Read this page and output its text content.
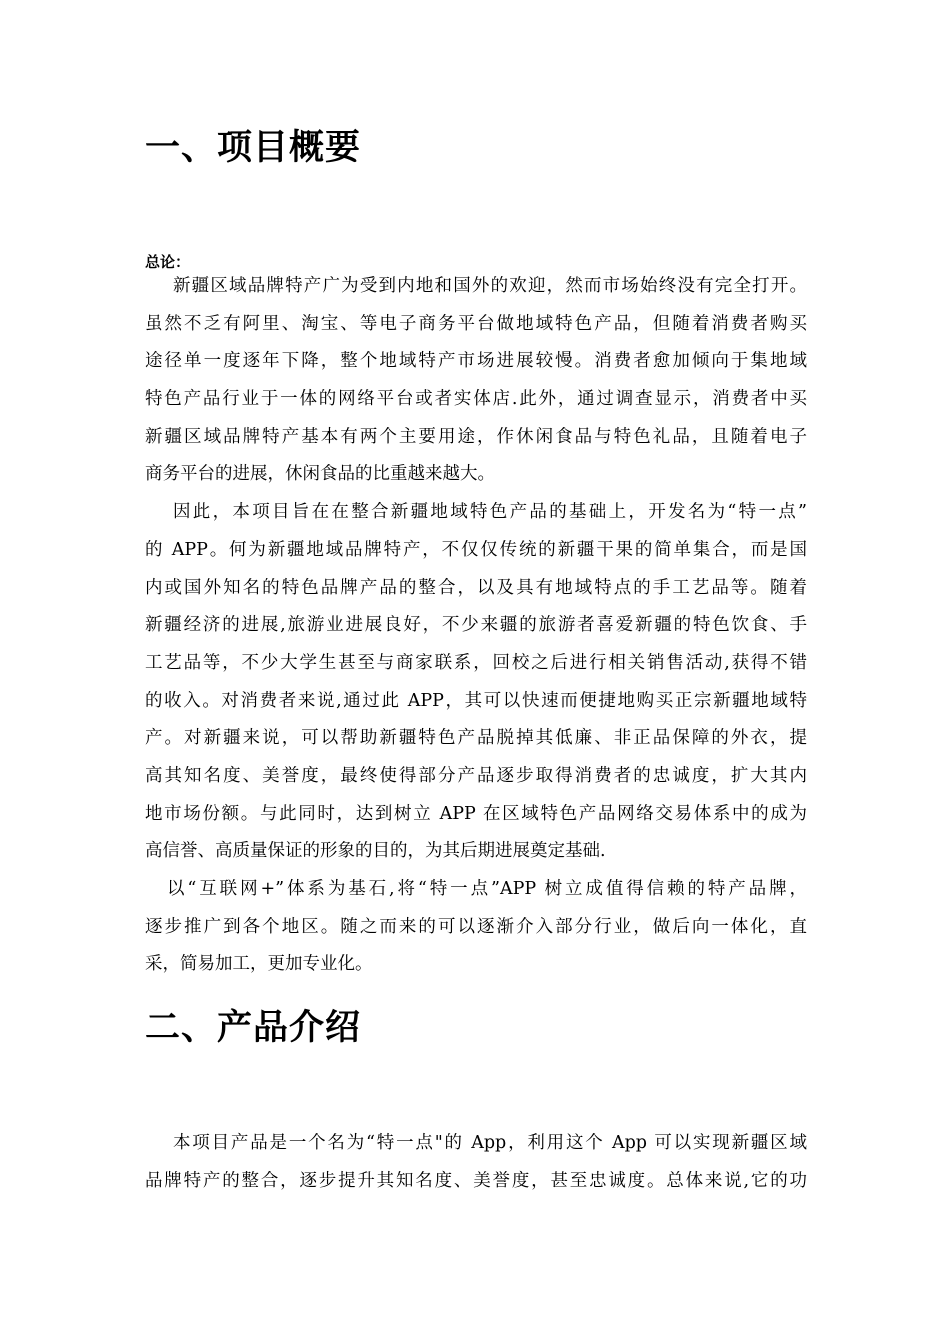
一、项目概要
总论：
新疆区域品牌特产广为受到内地和国外的欢迎，然而市场始终没有完全打开。
虽然不乏有阿里、淘宝、等电子商务平台做地域特色产品，但随着消费者购买
途径单一度逐年下降，整个地域特产市场进展较慢。消费者愈加倾向于集地域
特色产品行业于一体的网络平台或者实体店.此外，通过调查显示，消费者中买
新疆区域品牌特产基本有两个主要用途，作休闲食品与特色礼品，且随着电子
商务平台的进展，休闲食品的比重越来越大。
因此，本项目旨在在整合新疆地域特色产品的基础上，开发名为“特一点”
的 APP。何为新疆地域品牌特产，不仅仅传统的新疆干果的简单集合，而是国
内或国外知名的特色品牌产品的整合，以及具有地域特点的手工艺品等。随着
新疆经济的进展,旅游业进展良好，不少来疆的旅游者喜爱新疆的特色饮食、手
工艺品等，不少大学生甚至与商家联系，回校之后进行相关销售活动,获得不错
的收入。对消费者来说,通过此 APP，其可以快速而便捷地购买正宗新疆地域特
产。对新疆来说，可以帮助新疆特色产品脱掉其低廉、非正品保障的外衣，提
高其知名度、美誉度，最终使得部分产品逐步取得消费者的忠诚度，扩大其内
地市场份额。与此同时，达到树立 APP 在区域特色产品网络交易体系中的成为
高信誉、高质量保证的形象的目的，为其后期进展奠定基础.
以“互联网+”体系为基石,将“特一点”APP 树立成值得信赖的特产品牌，
逐步推广到各个地区。随之而来的可以逐渐介入部分行业，做后向一体化，直
采，简易加工，更加专业化。
二、产品介绍
本项目产品是一个名为“特一点"的 App，利用这个 App 可以实现新疆区域
品牌特产的整合，逐步提升其知名度、美誉度，甚至忠诚度。总体来说,它的功
